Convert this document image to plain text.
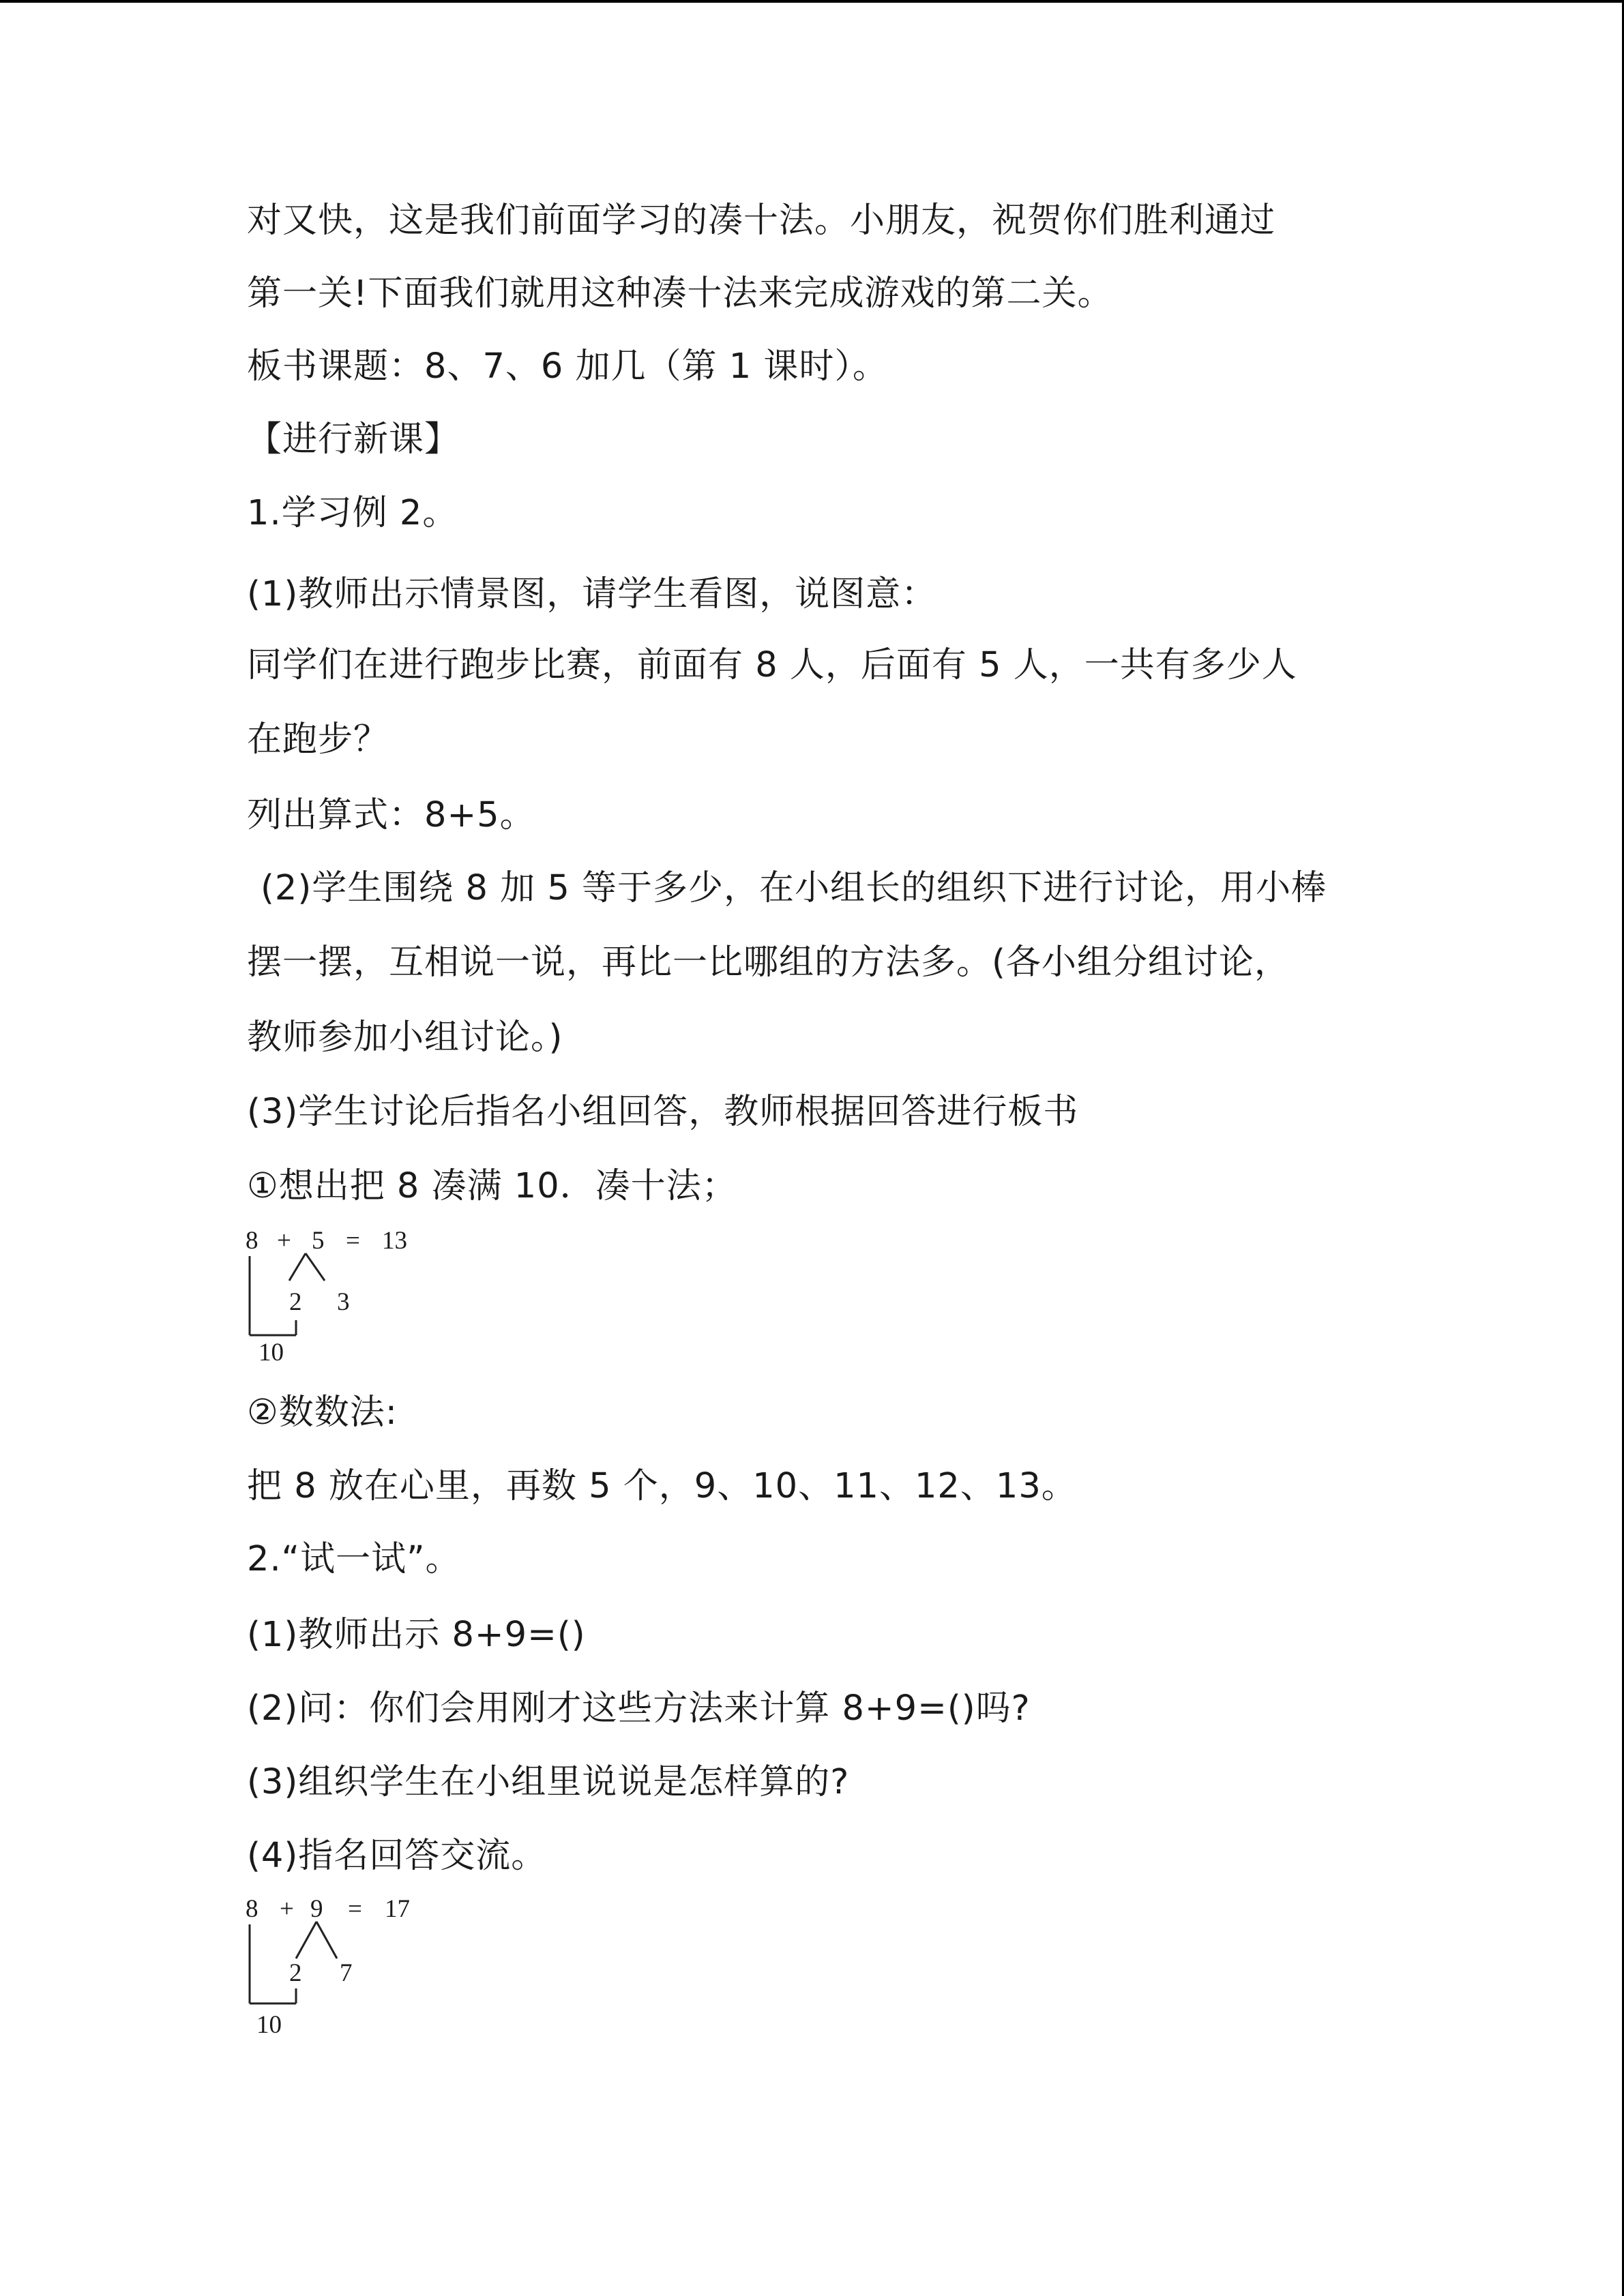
对又快，这是我们前面学习的凑十法。小朋友，祝贺你们胜利通过
第一关!下面我们就用这种凑十法来完成游戏的第二关。
板书课题：8、7、6 加几（第 1 课时）。
【进行新课】
1.学习例 2。
(1)教师出示情景图，请学生看图，说图意：
同学们在进行跑步比赛，前面有 8 人，后面有 5 人，一共有多少人
在跑步？
列出算式：8+5。
(2)学生围绕 8 加 5 等于多少，在小组长的组织下进行讨论，用小棒
摆一摆，互相说一说，再比一比哪组的方法多。(各小组分组讨论，
教师参加小组讨论。)
(3)学生讨论后指名小组回答，教师根据回答进行板书
①想出把 8 凑满 10．凑十法；
8 + 5 = 13
2 3
10
②数数法:
把 8 放在心里，再数 5 个，9、10、11、12、13。
2.“试一试”。
(1)教师出示 8+9=()
(2)问：你们会用刚才这些方法来计算 8+9=()吗?
(3)组织学生在小组里说说是怎样算的?
(4)指名回答交流。
8 + 9 = 17
2 7
10
